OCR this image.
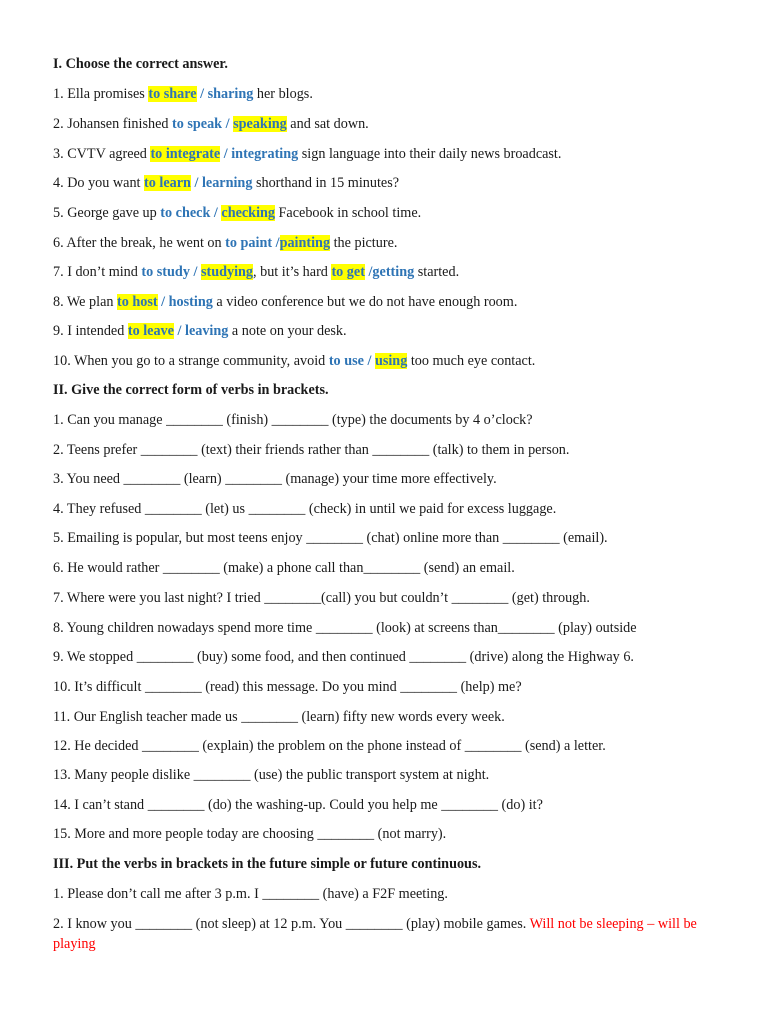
I. Choose the correct answer.
1. Ella promises to share / sharing her blogs.
2. Johansen finished to speak / speaking and sat down.
3. CVTV agreed to integrate / integrating sign language into their daily news broadcast.
4. Do you want to learn / learning shorthand in 15 minutes?
5. George gave up to check / checking Facebook in school time.
6. After the break, he went on to paint /painting the picture.
7. I don’t mind to study / studying, but it’s hard to get /getting started.
8. We plan to host / hosting a video conference but we do not have enough room.
9. I intended to leave / leaving a note on your desk.
10. When you go to a strange community, avoid to use / using too much eye contact.
II. Give the correct form of verbs in brackets.
1. Can you manage ________ (finish) ________ (type) the documents by 4 o’clock?
2. Teens prefer ________ (text) their friends rather than ________ (talk) to them in person.
3. You need ________ (learn) ________ (manage) your time more effectively.
4. They refused ________ (let) us ________ (check) in until we paid for excess luggage.
5. Emailing is popular, but most teens enjoy ________ (chat) online more than ________ (email).
6. He would rather ________ (make) a phone call than________ (send) an email.
7. Where were you last night? I tried ________(call) you but couldn’t ________ (get) through.
8. Young children nowadays spend more time ________ (look) at screens than________ (play) outside
9. We stopped ________ (buy) some food, and then continued ________ (drive) along the Highway 6.
10. It’s difficult ________ (read) this message. Do you mind ________ (help) me?
11. Our English teacher made us ________ (learn) fifty new words every week.
12. He decided ________ (explain) the problem on the phone instead of ________ (send) a letter.
13. Many people dislike ________ (use) the public transport system at night.
14. I can’t stand ________ (do) the washing-up. Could you help me ________ (do) it?
15. More and more people today are choosing ________ (not marry).
III. Put the verbs in brackets in the future simple or future continuous.
1. Please don’t call me after 3 p.m. I ________ (have) a F2F meeting.
2. I know you ________ (not sleep) at 12 p.m. You ________ (play) mobile games. Will not be sleeping – will be playing
